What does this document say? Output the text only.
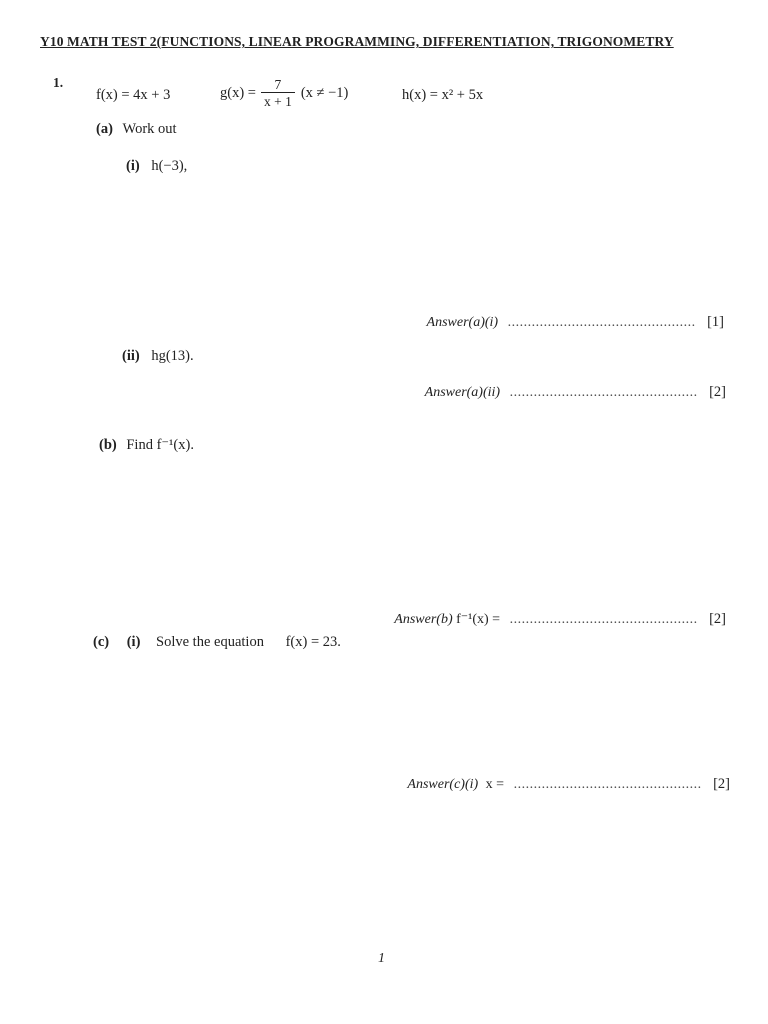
Y10 MATH TEST 2(FUNCTIONS, LINEAR PROGRAMMING, DIFFERENTIATION, TRIGONOMETRY
1.
f(x) = 4x + 3	$g(x) = \frac{7}{x + 1} (x \ne -1)$	h(x) = x² + 5x
(a) Work out
(i) h(−3),
Answer(a)(i) ............................................... [1]
(ii) hg(13).
Answer(a)(ii) ............................................... [2]
(b) Find f⁻¹(x).
Answer(b) f⁻¹(x) = ............................................... [2]
(c) (i) Solve the equation f(x) = 23.
Answer(c)(i) x = ............................................... [2]
1
